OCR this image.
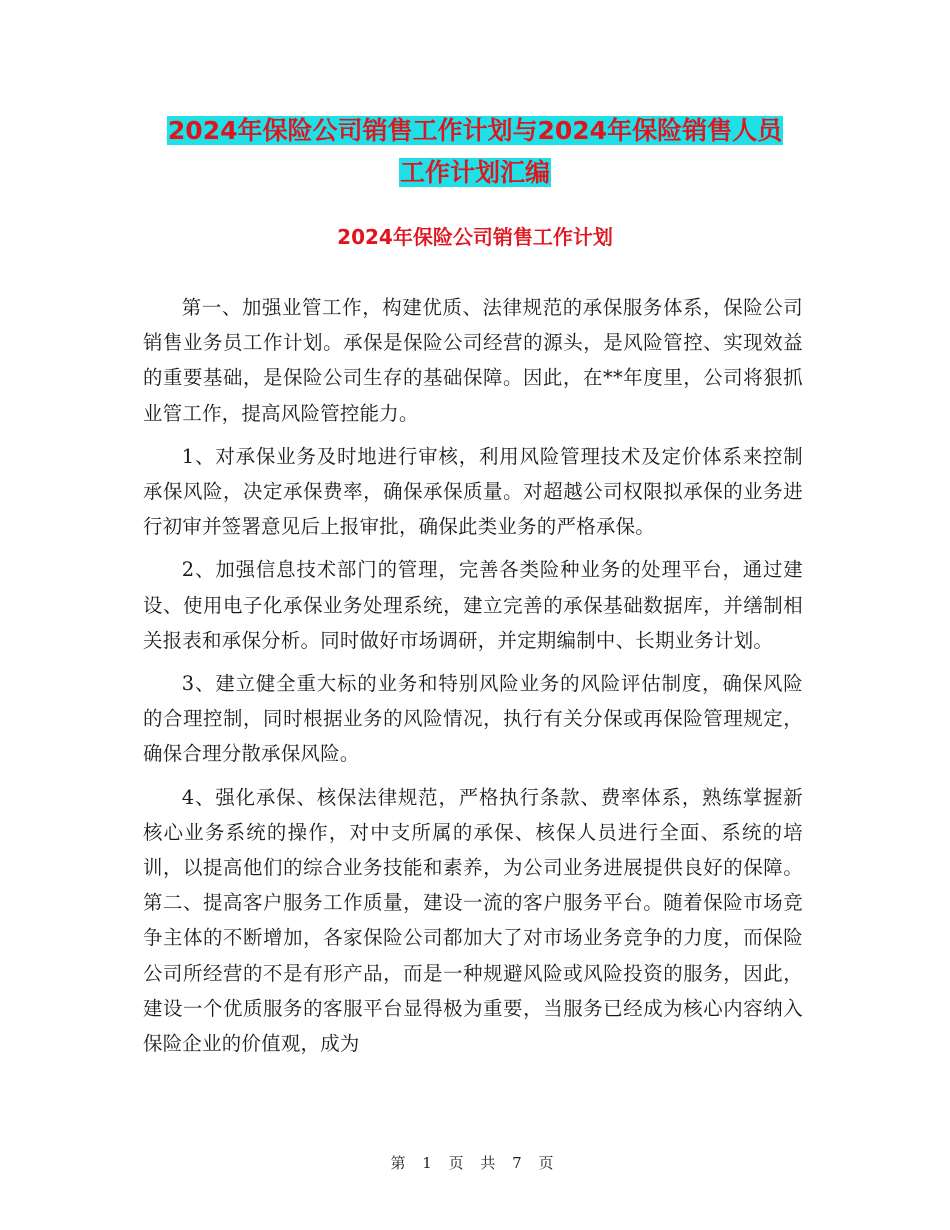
2024年保险公司销售工作计划与2024年保险销售人员
工作计划汇编
2024年保险公司销售工作计划

第一、加强业管工作，构建优质、法律规范的承保服务体系，保险公司销售业务员工作计划。承保是保险公司经营的源头，是风险管控、实现效益的重要基础，是保险公司生存的基础保障。因此，在**年度里，公司将狠抓业管工作，提高风险管控能力。

1、对承保业务及时地进行审核，利用风险管理技术及定价体系来控制承保风险，决定承保费率，确保承保质量。对超越公司权限拟承保的业务进行初审并签署意见后上报审批，确保此类业务的严格承保。

2、加强信息技术部门的管理，完善各类险种业务的处理平台，通过建设、使用电子化承保业务处理系统，建立完善的承保基础数据库，并缮制相关报表和承保分析。同时做好市场调研，并定期编制中、长期业务计划。

3、建立健全重大标的业务和特别风险业务的风险评估制度，确保风险的合理控制，同时根据业务的风险情况，执行有关分保或再保险管理规定，确保合理分散承保风险。

4、强化承保、核保法律规范，严格执行条款、费率体系，熟练掌握新核心业务系统的操作，对中支所属的承保、核保人员进行全面、系统的培训，以提高他们的综合业务技能和素养，为公司业务进展提供良好的保障。第二、提高客户服务工作质量，建设一流的客户服务平台。随着保险市场竞争主体的不断增加，各家保险公司都加大了对市场业务竞争的力度，而保险公司所经营的不是有形产品，而是一种规避风险或风险投资的服务，因此，建设一个优质服务的客服平台显得极为重要，当服务已经成为核心内容纳入保险企业的价值观，成为

第 1 页 共 7 页
